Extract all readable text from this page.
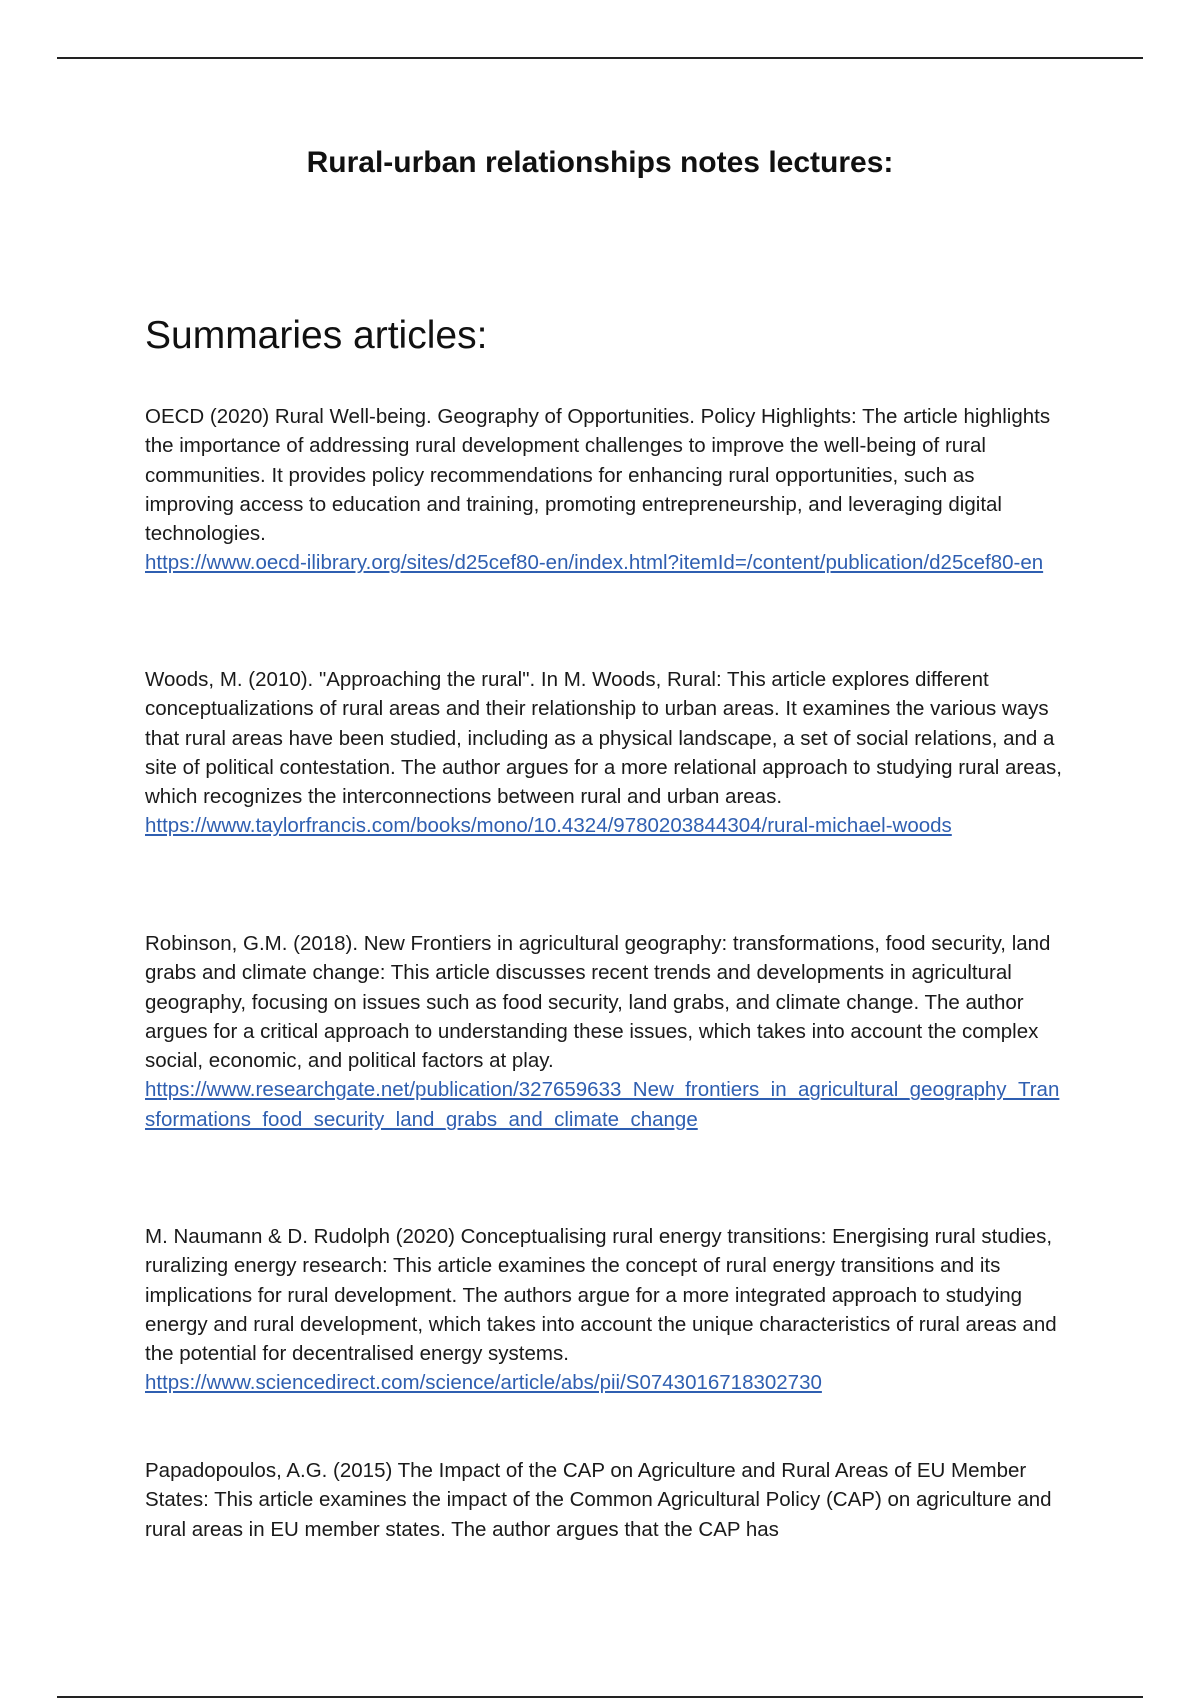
Rural-urban relationships notes lectures:
Summaries articles:

OECD (2020) Rural Well-being. Geography of Opportunities. Policy Highlights: The article highlights the importance of addressing rural development challenges to improve the well-being of rural communities. It provides policy recommendations for enhancing rural opportunities, such as improving access to education and training, promoting entrepreneurship, and leveraging digital technologies.

https://www.oecd-ilibrary.org/sites/d25cef80-en/index.html?itemId=/content/publication/d25cef80-en

Woods, M. (2010). "Approaching the rural". In M. Woods, Rural: This article explores different conceptualizations of rural areas and their relationship to urban areas. It examines the various ways that rural areas have been studied, including as a physical landscape, a set of social relations, and a site of political contestation. The author argues for a more relational approach to studying rural areas, which recognizes the interconnections between rural and urban areas.

https://www.taylorfrancis.com/books/mono/10.4324/9780203844304/rural-michael-woods

Robinson, G.M. (2018). New Frontiers in agricultural geography: transformations, food security, land grabs and climate change: This article discusses recent trends and developments in agricultural geography, focusing on issues such as food security, land grabs, and climate change. The author argues for a critical approach to understanding these issues, which takes into account the complex social, economic, and political factors at play.

https://www.researchgate.net/publication/327659633_New_frontiers_in_agricultural_geography_Transformations_food_security_land_grabs_and_climate_change

M. Naumann & D. Rudolph (2020) Conceptualising rural energy transitions: Energising rural studies, ruralizing energy research: This article examines the concept of rural energy transitions and its implications for rural development. The authors argue for a more integrated approach to studying energy and rural development, which takes into account the unique characteristics of rural areas and the potential for decentralised energy systems.

https://www.sciencedirect.com/science/article/abs/pii/S0743016718302730

Papadopoulos, A.G. (2015) The Impact of the CAP on Agriculture and Rural Areas of EU Member States: This article examines the impact of the Common Agricultural Policy (CAP) on agriculture and rural areas in EU member states. The author argues that the CAP has
